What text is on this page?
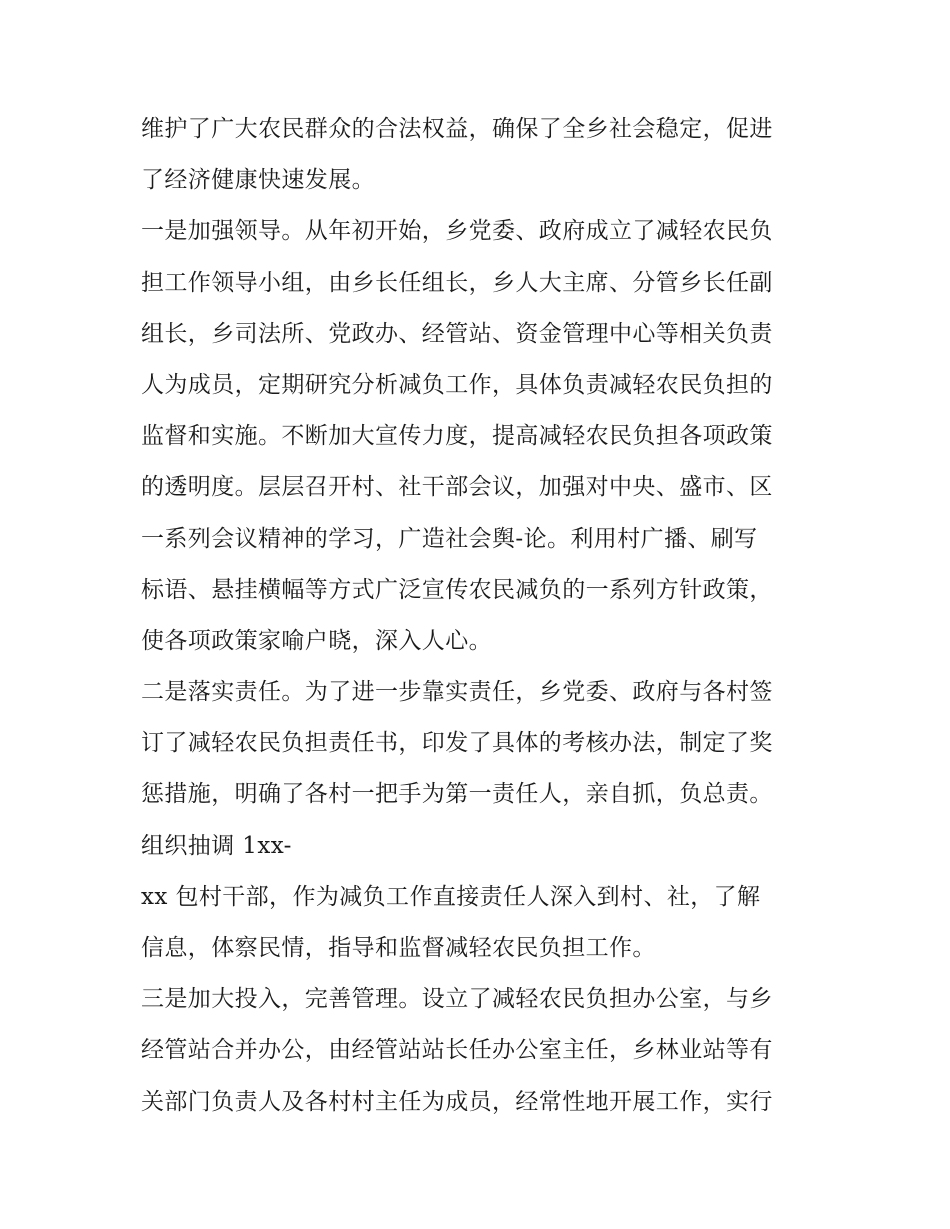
维护了广大农民群众的合法权益，确保了全乡社会稳定，促进
了经济健康快速发展。
一是加强领导。从年初开始，乡党委、政府成立了减轻农民负
担工作领导小组，由乡长任组长，乡人大主席、分管乡长任副
组长，乡司法所、党政办、经管站、资金管理中心等相关负责
人为成员，定期研究分析减负工作，具体负责减轻农民负担的
监督和实施。不断加大宣传力度，提高减轻农民负担各项政策
的透明度。层层召开村、社干部会议，加强对中央、盛市、区
一系列会议精神的学习，广造社会舆-论。利用村广播、刷写
标语、悬挂横幅等方式广泛宣传农民减负的一系列方针政策，
使各项政策家喻户晓，深入人心。
二是落实责任。为了进一步靠实责任，乡党委、政府与各村签
订了减轻农民负担责任书，印发了具体的考核办法，制定了奖
惩措施，明确了各村一把手为第一责任人，亲自抓，负总责。
组织抽调 1xx-
xx 包村干部，作为减负工作直接责任人深入到村、社，了解
信息，体察民情，指导和监督减轻农民负担工作。
三是加大投入，完善管理。设立了减轻农民负担办公室，与乡
经管站合并办公，由经管站站长任办公室主任，乡林业站等有
关部门负责人及各村村主任为成员，经常性地开展工作，实行
